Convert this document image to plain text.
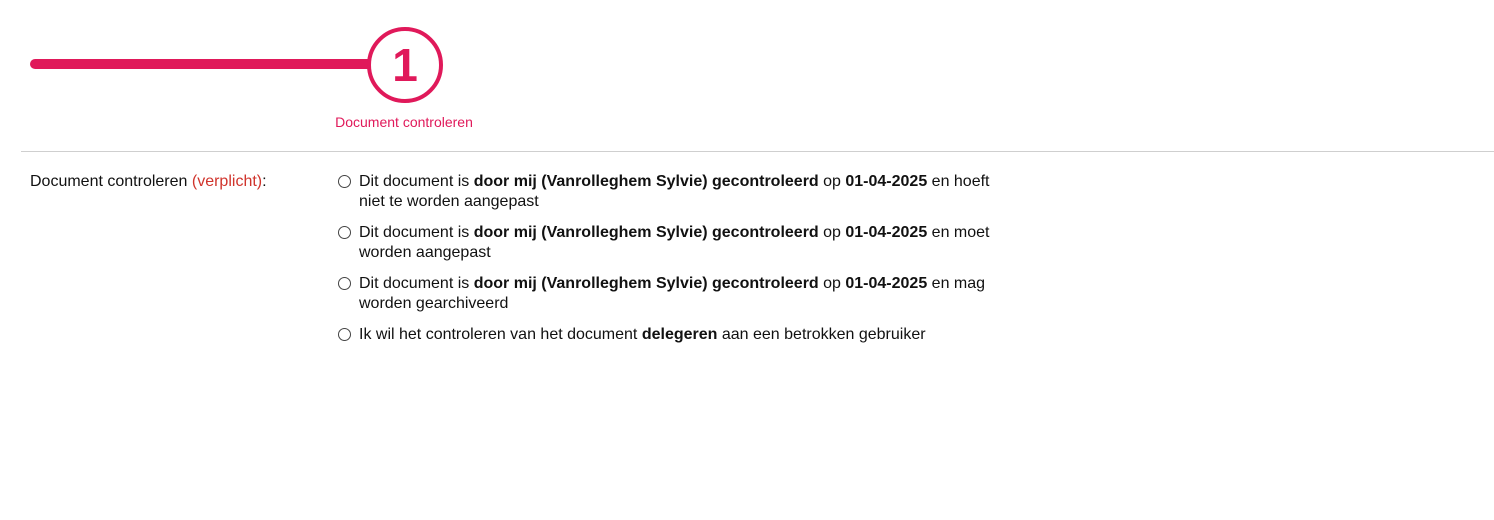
1
Document controleren
Document controleren (verplicht):	Dit document is door mij (Vanrolleghem Sylvie) gecontroleerd op 01-04-2025 en hoeft niet te worden aangepast
Dit document is door mij (Vanrolleghem Sylvie) gecontroleerd op 01-04-2025 en moet worden aangepast
Dit document is door mij (Vanrolleghem Sylvie) gecontroleerd op 01-04-2025 en mag worden gearchiveerd
Ik wil het controleren van het document delegeren aan een betrokken gebruiker
